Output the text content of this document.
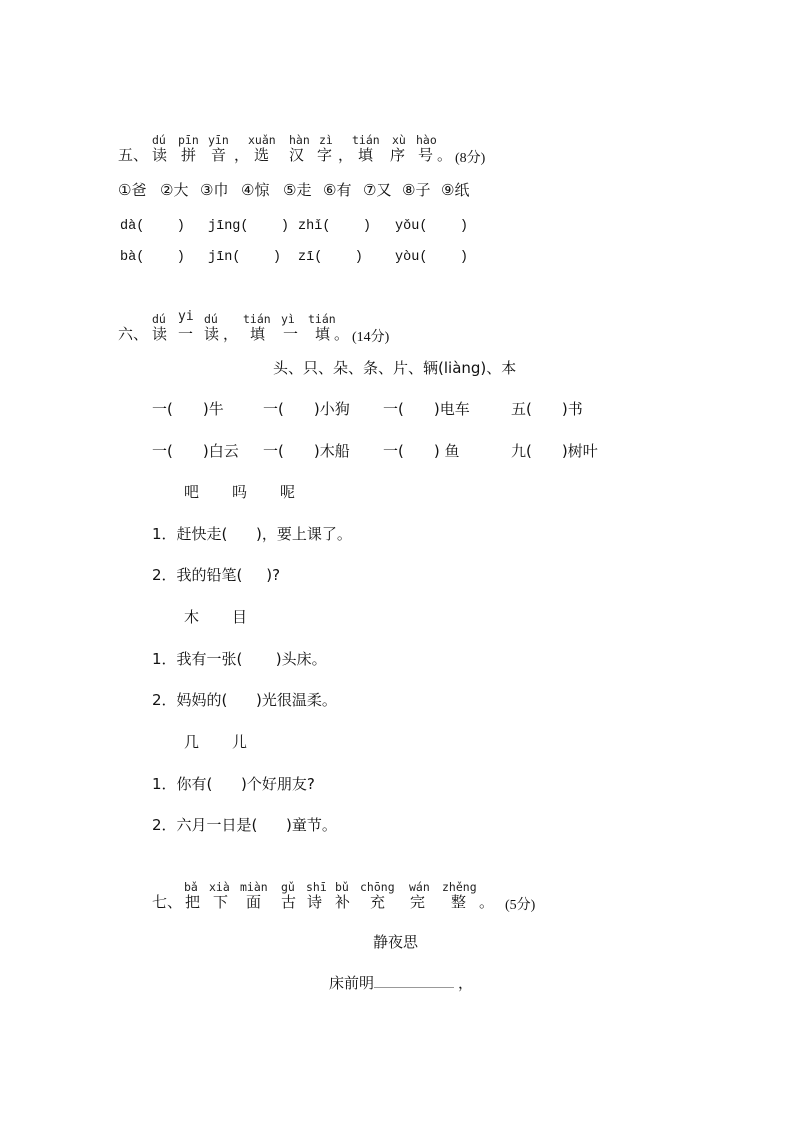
dú pīn yīn xuǎn hàn zì tián xù hào
五、 读 拼 音 ， 选 汉 字 ， 填 序 号 。 (8分)
①爸 ②大 ③巾 ④惊 ⑤走 ⑥有 ⑦又 ⑧子 ⑨纸
dà(    ) jīng(    ) zhǐ(    ) yǒu(    )
bà(    ) jīn(    ) zī(    ) yòu(    )
dú yi dú tián yì tián
六、 读 一 读 ， 填 一 填 。 (14分)
头、只、朵、条、片、辆(liàng)、本
一( )牛	一( )小狗 一( )电车	五( )书
一( )白云 一( )木船 一( ) 鱼	九( )树叶
吧 吗 呢
1．赶快走(      )，要上课了。
2．我的铅笔(     )?
木 目
1．我有一张(       )头床。
2．妈妈的(      )光很温柔。
几 儿
1．你有(      )个好朋友?
2．六月一日是(      )童节。
bǎ xià miàn gǔ shī bǔ chōng wán zhěng
七、 把 下 面 古 诗 补 充 完 整 。 (5分)
静夜思
床前明	，
